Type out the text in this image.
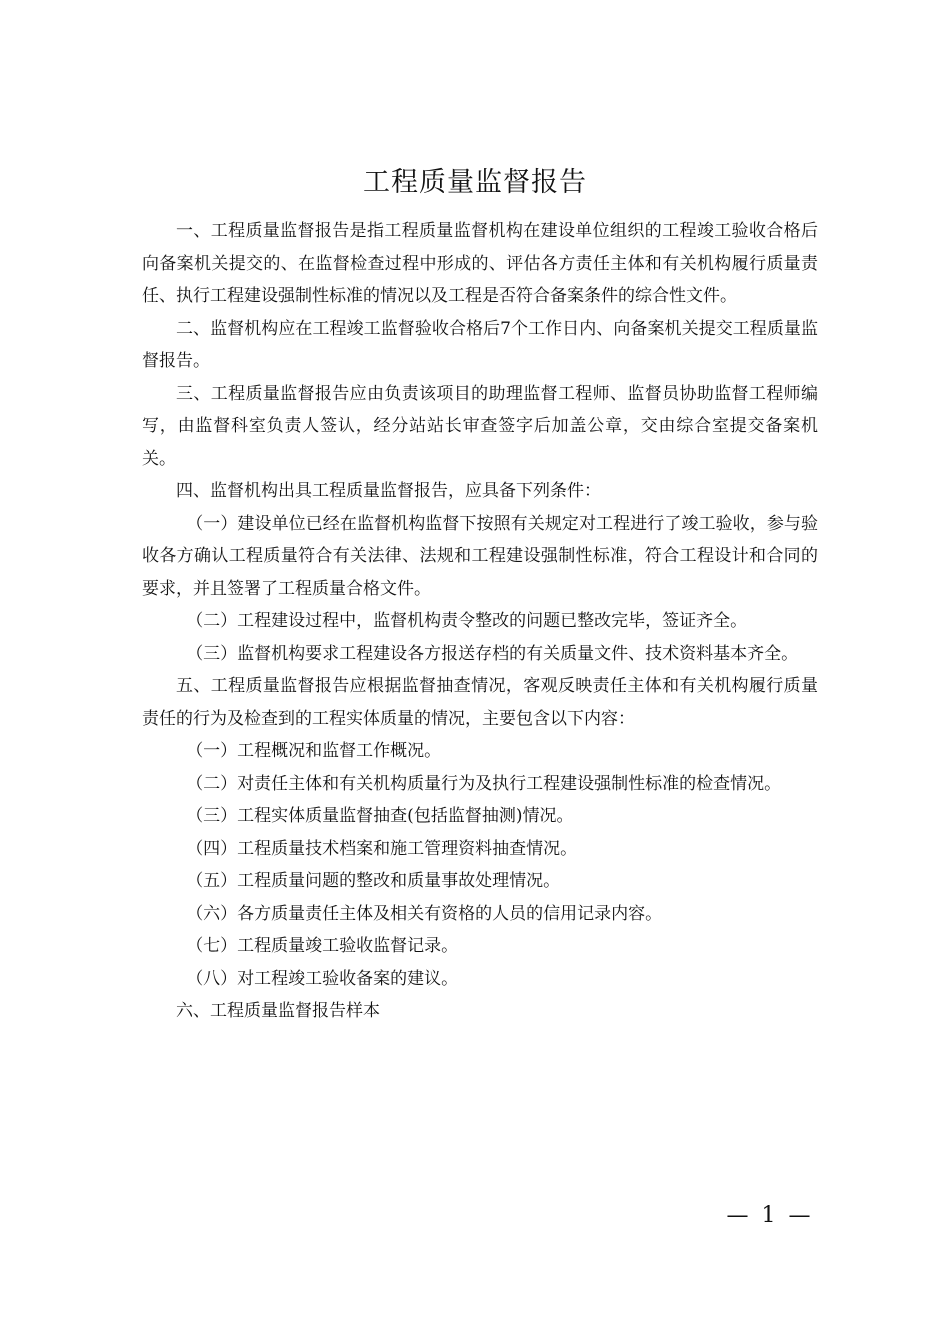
工程质量监督报告

一、工程质量监督报告是指工程质量监督机构在建设单位组织的工程竣工验收合格后向备案机关提交的、在监督检查过程中形成的、评估各方责任主体和有关机构履行质量责任、执行工程建设强制性标准的情况以及工程是否符合备案条件的综合性文件。

二、监督机构应在工程竣工监督验收合格后7个工作日内、向备案机关提交工程质量监督报告。

三、工程质量监督报告应由负责该项目的助理监督工程师、监督员协助监督工程师编写，由监督科室负责人签认，经分站站长审查签字后加盖公章，交由综合室提交备案机关。

四、监督机构出具工程质量监督报告，应具备下列条件：

（一）建设单位已经在监督机构监督下按照有关规定对工程进行了竣工验收，参与验收各方确认工程质量符合有关法律、法规和工程建设强制性标准，符合工程设计和合同的要求，并且签署了工程质量合格文件。

（二）工程建设过程中，监督机构责令整改的问题已整改完毕，签证齐全。

（三）监督机构要求工程建设各方报送存档的有关质量文件、技术资料基本齐全。

五、工程质量监督报告应根据监督抽查情况，客观反映责任主体和有关机构履行质量责任的行为及检查到的工程实体质量的情况，主要包含以下内容：

（一）工程概况和监督工作概况。

（二）对责任主体和有关机构质量行为及执行工程建设强制性标准的检查情况。

（三）工程实体质量监督抽查(包括监督抽测)情况。

（四）工程质量技术档案和施工管理资料抽查情况。

（五）工程质量问题的整改和质量事故处理情况。

（六）各方质量责任主体及相关有资格的人员的信用记录内容。

（七）工程质量竣工验收监督记录。

（八）对工程竣工验收备案的建议。

六、工程质量监督报告样本

— 1 —
